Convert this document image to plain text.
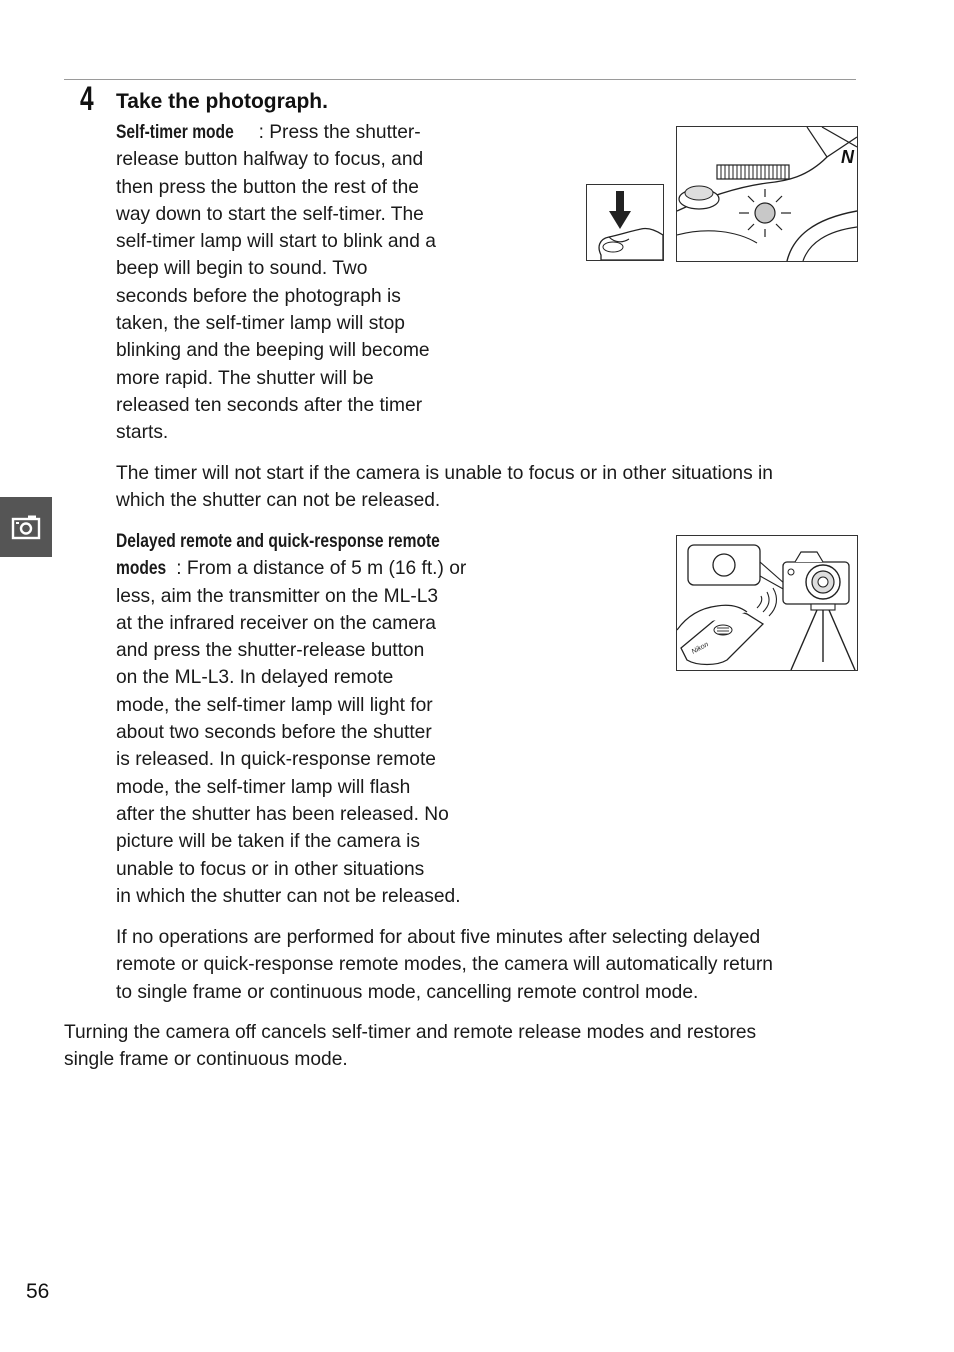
4 Take the photograph.

Self-timer mode : Press the shutter-
release button halfway to focus, and
then press the button the rest of the
way down to start the self-timer. The
self-timer lamp will start to blink and a
beep will begin to sound. Two
seconds before the photograph is
taken, the self-timer lamp will stop
blinking and the beeping will become
more rapid. The shutter will be
released ten seconds after the timer
starts.

N

The timer will not start if the camera is unable to focus or in other situations in
which the shutter can not be released.

Delayed remote and quick-response remote
modes : From a distance of 5 m (16 ft.) or
less, aim the transmitter on the ML-L3
at the infrared receiver on the camera
and press the shutter-release button
on the ML-L3. In delayed remote
mode, the self-timer lamp will light for
about two seconds before the shutter
is released. In quick-response remote
mode, the self-timer lamp will flash
after the shutter has been released. No
picture will be taken if the camera is
unable to focus or in other situations
in which the shutter can not be released.

Nikon

If no operations are performed for about five minutes after selecting delayed
remote or quick-response remote modes, the camera will automatically return
to single frame or continuous mode, cancelling remote control mode.

Turning the camera off cancels self-timer and remote release modes and restores
single frame or continuous mode.

56
